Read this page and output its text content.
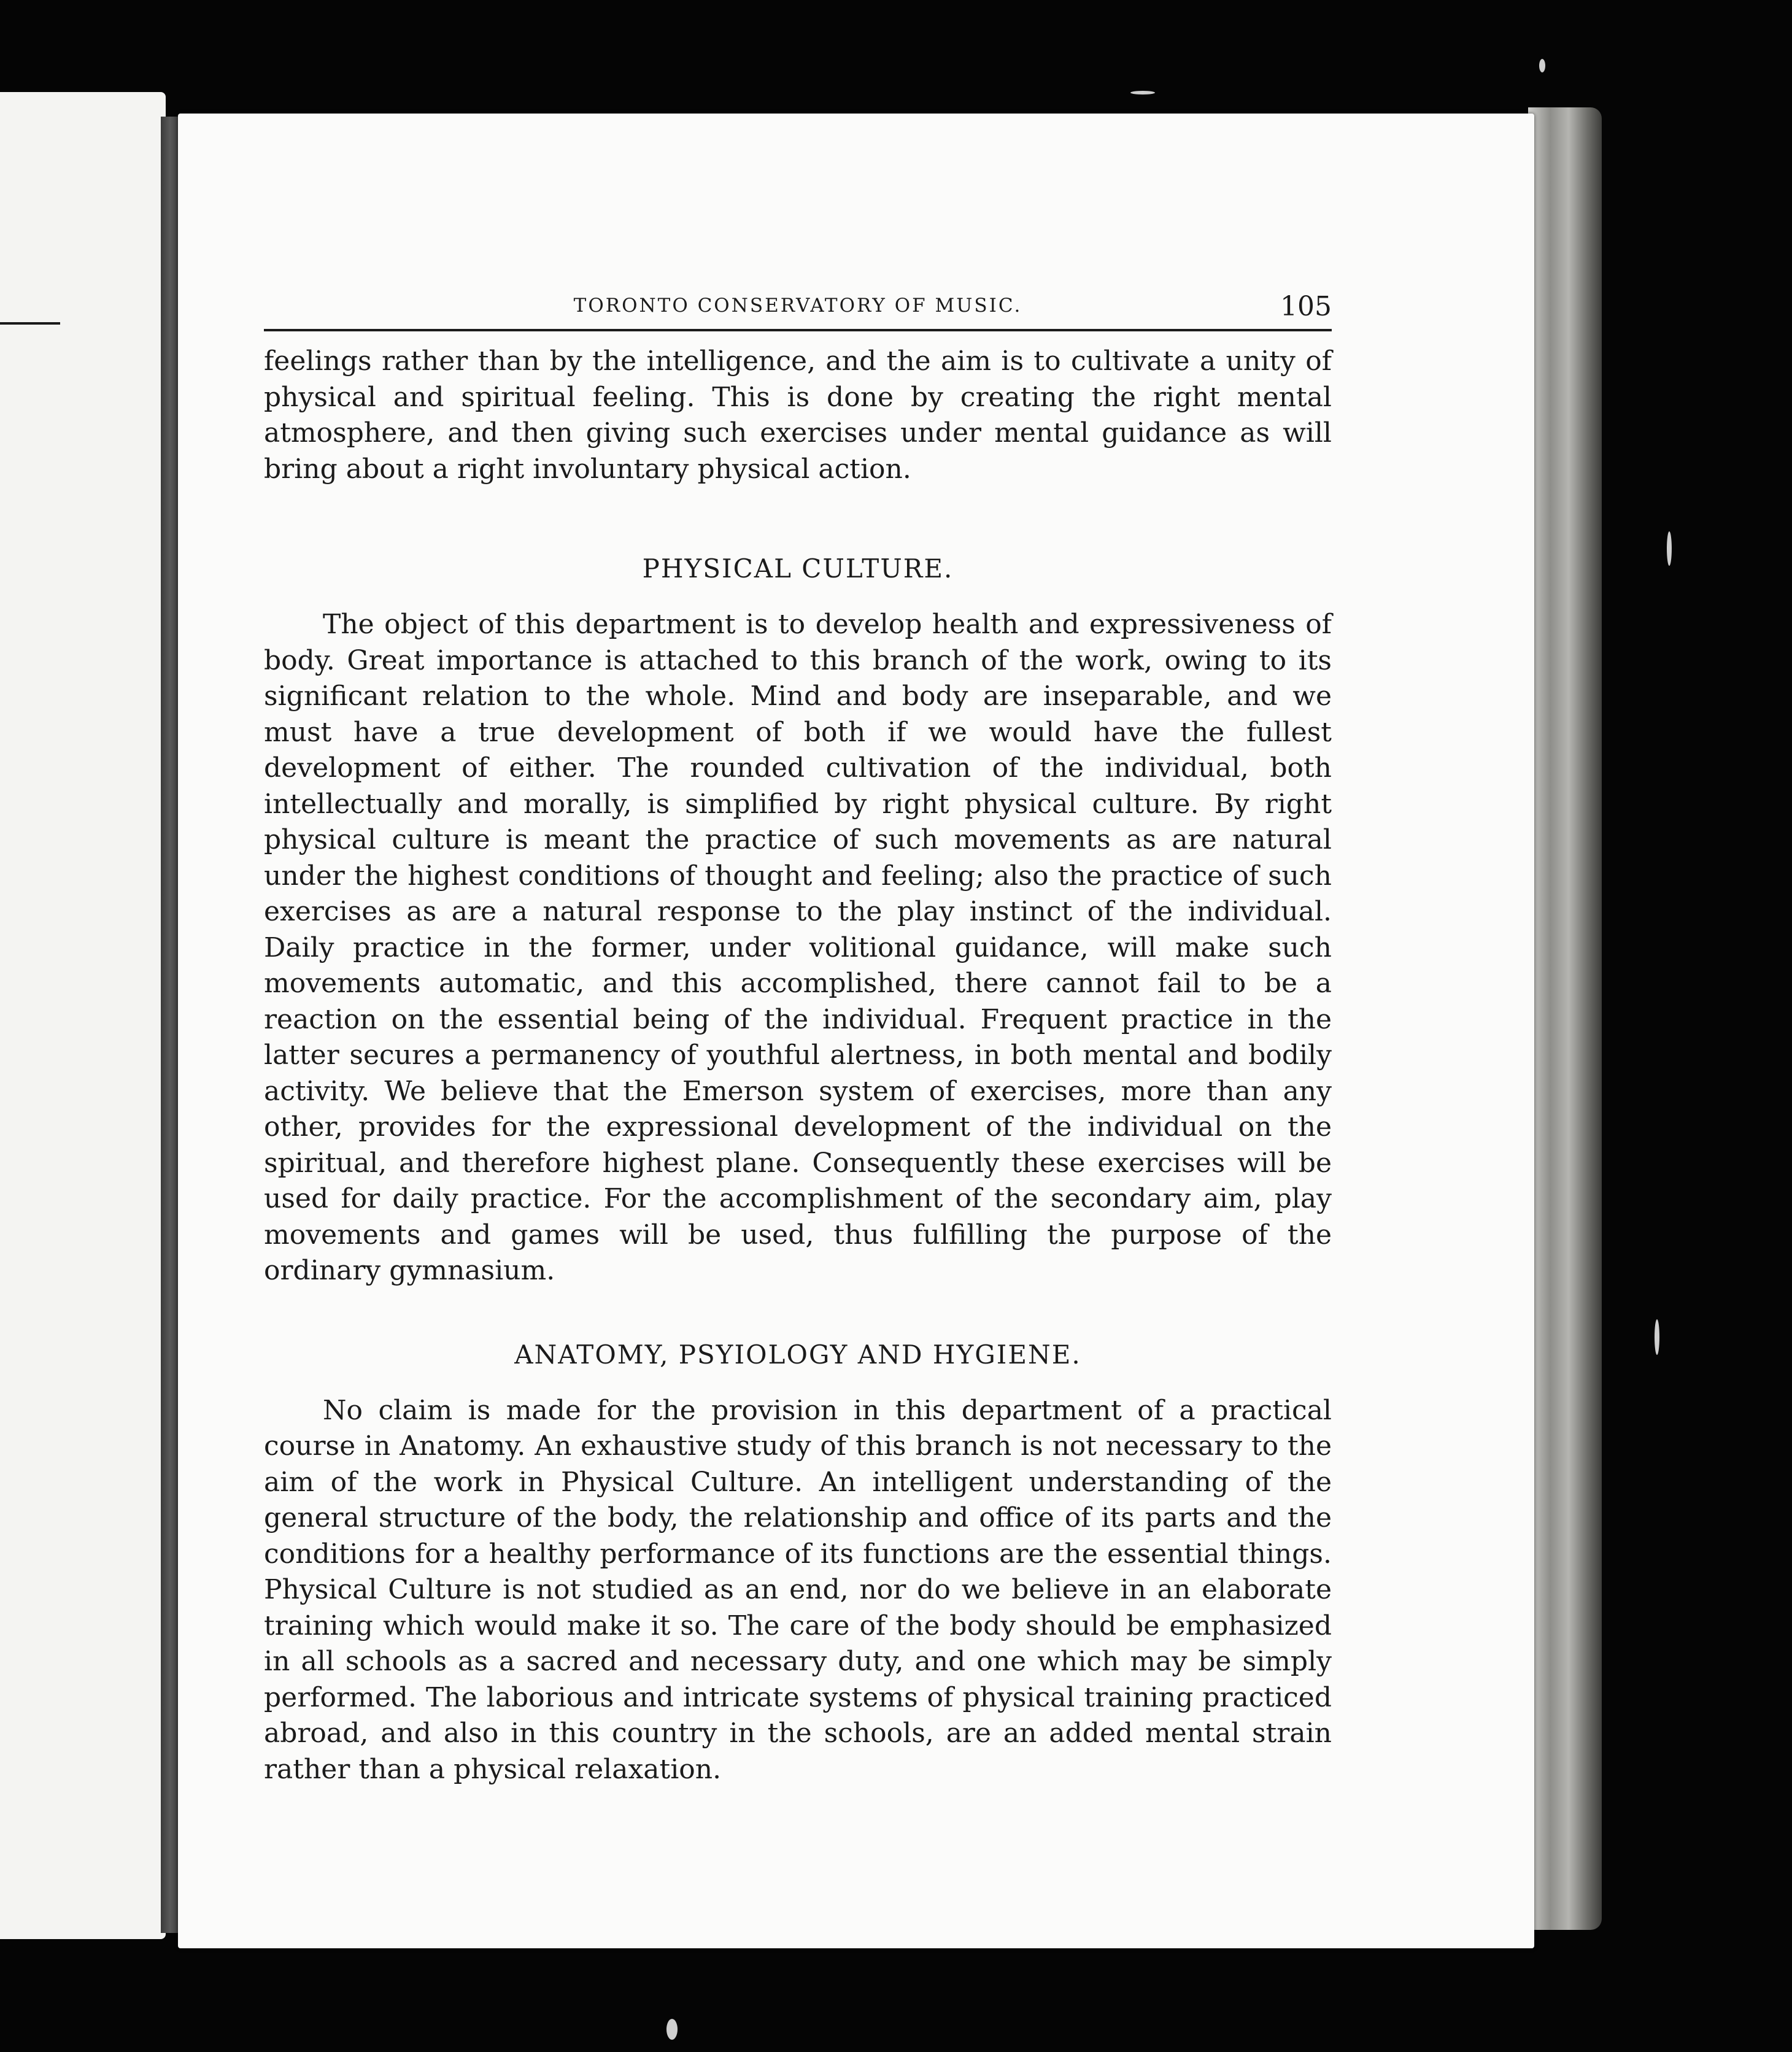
TORONTO CONSERVATORY OF MUSIC.	105

feelings rather than by the intelligence, and the aim is to cultivate a unity of physical and spiritual feeling. This is done by creating the right mental atmosphere, and then giving such exercises under mental guidance as will bring about a right involuntary physical action.

PHYSICAL CULTURE.

The object of this department is to develop health and expressiveness of body. Great importance is attached to this branch of the work, owing to its significant relation to the whole. Mind and body are inseparable, and we must have a true development of both if we would have the fullest development of either. The rounded cultivation of the individual, both intellectually and morally, is simplified by right physical culture. By right physical culture is meant the practice of such movements as are natural under the highest conditions of thought and feeling; also the practice of such exercises as are a natural response to the play instinct of the individual. Daily practice in the former, under volitional guidance, will make such movements automatic, and this accomplished, there cannot fail to be a reaction on the essential being of the individual. Frequent practice in the latter secures a permanency of youthful alertness, in both mental and bodily activity. We believe that the Emerson system of exercises, more than any other, provides for the expressional development of the individual on the spiritual, and therefore highest plane. Consequently these exercises will be used for daily practice. For the accomplishment of the secondary aim, play movements and games will be used, thus fulfilling the purpose of the ordinary gymnasium.

ANATOMY, PSYIOLOGY AND HYGIENE.

No claim is made for the provision in this department of a practical course in Anatomy. An exhaustive study of this branch is not necessary to the aim of the work in Physical Culture. An intelligent understanding of the general structure of the body, the relationship and office of its parts and the conditions for a healthy performance of its functions are the essential things. Physical Culture is not studied as an end, nor do we believe in an elaborate training which would make it so. The care of the body should be emphasized in all schools as a sacred and necessary duty, and one which may be simply performed. The laborious and intricate systems of physical training practiced abroad, and also in this country in the schools, are an added mental strain rather than a physical relaxation.
